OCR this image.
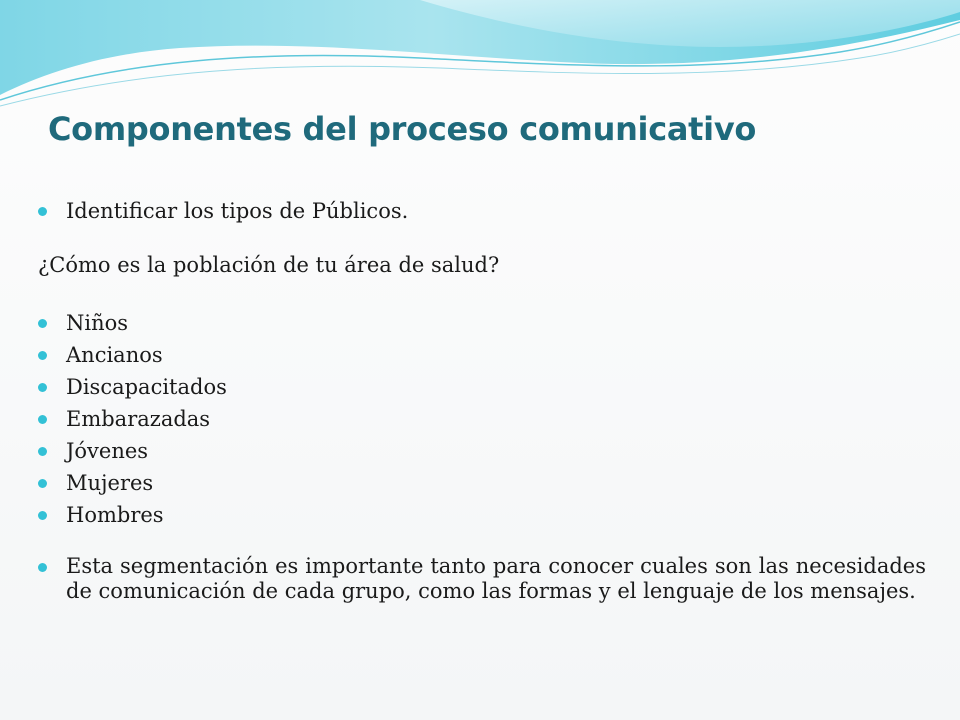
Componentes del proceso comunicativo
Identificar los tipos de Públicos.
¿Cómo es la población de tu área de salud?
Niños
Ancianos
Discapacitados
Embarazadas
Jóvenes
Mujeres
Hombres
Esta segmentación es importante tanto para conocer cuales son las necesidades de comunicación de cada grupo, como las formas y el lenguaje de los mensajes.
